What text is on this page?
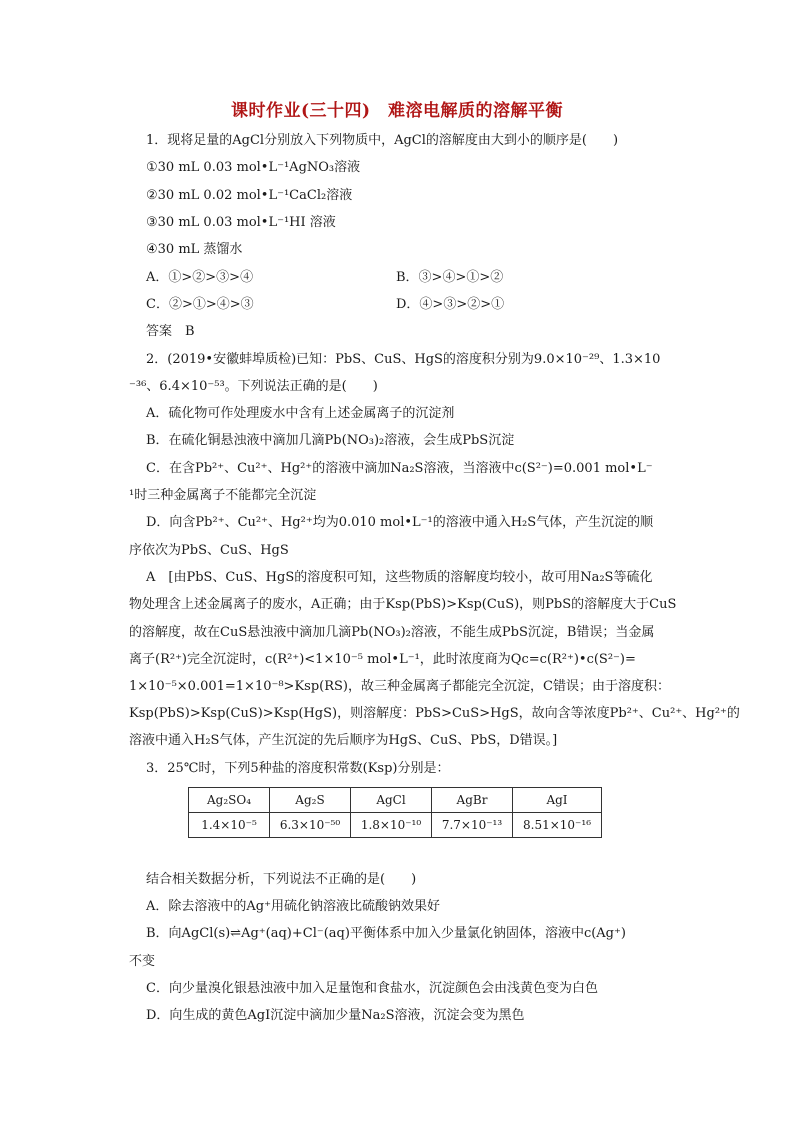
课时作业(三十四)　难溶电解质的溶解平衡
1．现将足量的AgCl分别放入下列物质中，AgCl的溶解度由大到小的顺序是(　　)
①30 mL 0.03 mol•L⁻¹AgNO₃溶液
②30 mL 0.02 mol•L⁻¹CaCl₂溶液
③30 mL 0.03 mol•L⁻¹HI 溶液
④30 mL 蒸馏水
A．①>②>③>④	B．③>④>①>②
C．②>①>④>③	D．④>③>②>①
答案　B
2．(2019•安徽蚌埠质检)已知：PbS、CuS、HgS的溶度积分别为9.0×10⁻²⁹、1.3×10
⁻³⁶、6.4×10⁻⁵³。下列说法正确的是(　　)
A．硫化物可作处理废水中含有上述金属离子的沉淀剂
B．在硫化铜悬浊液中滴加几滴Pb(NO₃)₂溶液，会生成PbS沉淀
C．在含Pb²⁺、Cu²⁺、Hg²⁺的溶液中滴加Na₂S溶液，当溶液中c(S²⁻)=0.001 mol•L⁻
¹时三种金属离子不能都完全沉淀
D．向含Pb²⁺、Cu²⁺、Hg²⁺均为0.010 mol•L⁻¹的溶液中通入H₂S气体，产生沉淀的顺
序依次为PbS、CuS、HgS
A　[由PbS、CuS、HgS的溶度积可知，这些物质的溶解度均较小，故可用Na₂S等硫化
物处理含上述金属离子的废水，A正确；由于Ksp(PbS)>Ksp(CuS)，则PbS的溶解度大于CuS
的溶解度，故在CuS悬浊液中滴加几滴Pb(NO₃)₂溶液，不能生成PbS沉淀，B错误；当金属
离子(R²⁺)完全沉淀时，c(R²⁺)<1×10⁻⁵ mol•L⁻¹，此时浓度商为Qc=c(R²⁺)•c(S²⁻)=
1×10⁻⁵×0.001=1×10⁻⁸>Ksp(RS)，故三种金属离子都能完全沉淀，C错误；由于溶度积：
Ksp(PbS)>Ksp(CuS)>Ksp(HgS)，则溶解度：PbS>CuS>HgS，故向含等浓度Pb²⁺、Cu²⁺、Hg²⁺的
溶液中通入H₂S气体，产生沉淀的先后顺序为HgS、CuS、PbS，D错误。]
3．25℃时，下列5种盐的溶度积常数(Ksp)分别是：
Ag₂SO₄	Ag₂S	AgCl	AgBr	AgI
1.4×10⁻⁵	6.3×10⁻⁵⁰	1.8×10⁻¹⁰	7.7×10⁻¹³	8.51×10⁻¹⁶
结合相关数据分析，下列说法不正确的是(　　)
A．除去溶液中的Ag⁺用硫化钠溶液比硫酸钠效果好
B．向AgCl(s)⇌Ag⁺(aq)+Cl⁻(aq)平衡体系中加入少量氯化钠固体，溶液中c(Ag⁺)
不变
C．向少量溴化银悬浊液中加入足量饱和食盐水，沉淀颜色会由浅黄色变为白色
D．向生成的黄色AgI沉淀中滴加少量Na₂S溶液，沉淀会变为黑色
